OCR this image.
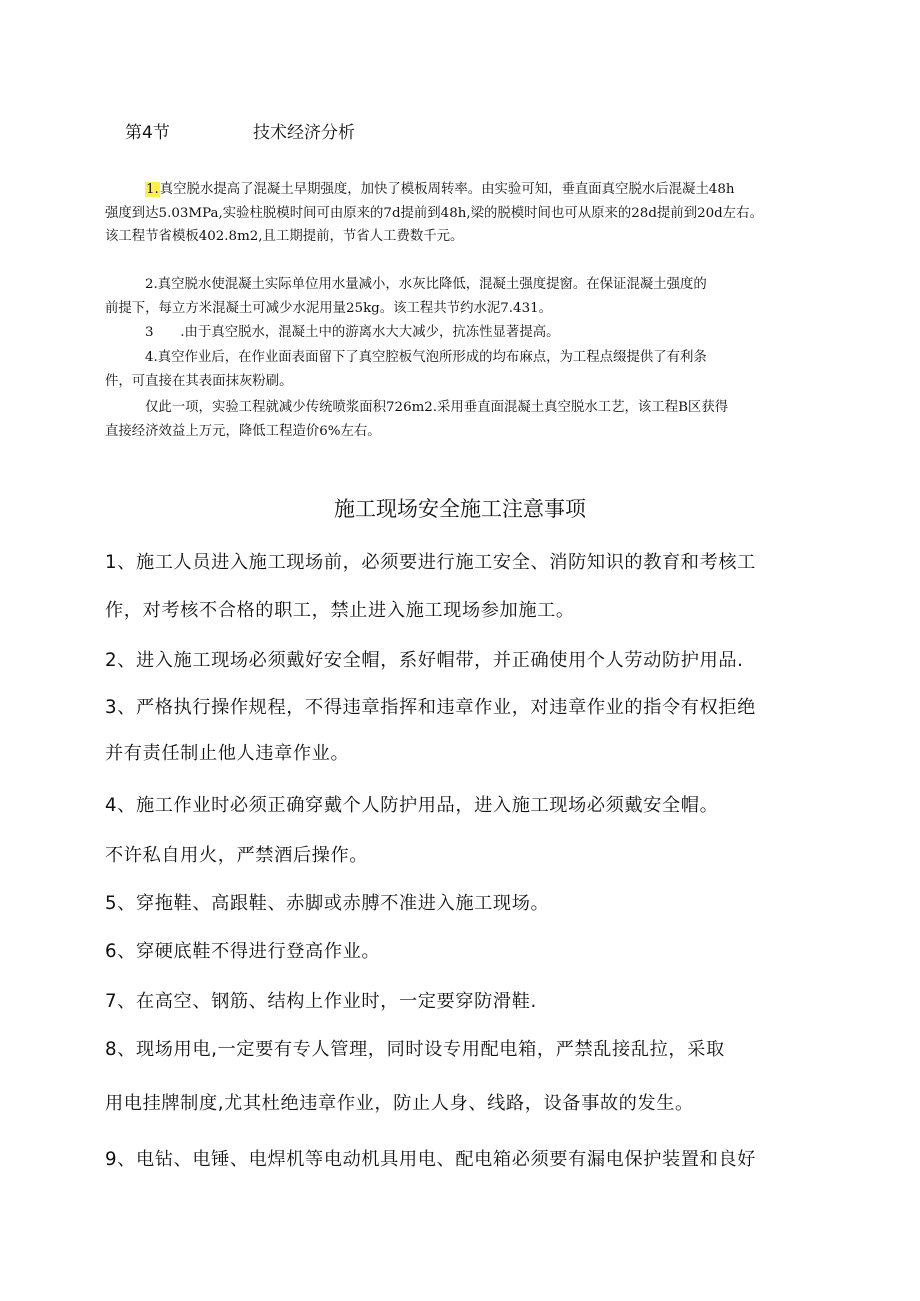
第4节	技术经济分析
1.真空脱水提高了混凝土早期强度，加快了模板周转率。由实验可知，垂直面真空脱水后混凝土48h
强度到达5.03MPa,实验柱脱模时间可由原来的7d提前到48h,梁的脱模时间也可从原来的28d提前到20d左右。
该工程节省模板402.8m2,且工期提前，节省人工费数千元。
2.真空脱水使混凝土实际单位用水量减小，水灰比降低，混凝土强度提窗。在保证混凝土强度的
前提下，每立方米混凝土可减少水泥用量25kg。该工程共节约水泥7.431。
3　　.由于真空脱水，混凝土中的游离水大大减少，抗冻性显著提高。
4.真空作业后，在作业面表面留下了真空腔板气泡所形成的均布麻点，为工程点缀提供了有利条
件，可直接在其表面抹灰粉刷。
仅此一项，实验工程就减少传统喷浆面积726m2.采用垂直面混凝土真空脱水工艺，该工程B区获得
直接经济效益上万元，降低工程造价6%左右。
施工现场安全施工注意事项
1、施工人员进入施工现场前，必须要进行施工安全、消防知识的教育和考核工
作，对考核不合格的职工，禁止进入施工现场参加施工。
2、进入施工现场必须戴好安全帽，系好帽带，并正确使用个人劳动防护用品.
3、严格执行操作规程，不得违章指挥和违章作业，对违章作业的指令有权拒绝
并有责任制止他人违章作业。
4、施工作业时必须正确穿戴个人防护用品，进入施工现场必须戴安全帽。
不许私自用火，严禁酒后操作。
5、穿拖鞋、高跟鞋、赤脚或赤膊不准进入施工现场。
6、穿硬底鞋不得进行登高作业。
7、在高空、钢筋、结构上作业时，一定要穿防滑鞋.
8、现场用电,一定要有专人管理，同时设专用配电箱，严禁乱接乱拉，采取
用电挂牌制度,尤其杜绝违章作业，防止人身、线路，设备事故的发生。
9、电钻、电锤、电焊机等电动机具用电、配电箱必须要有漏电保护装置和良好
